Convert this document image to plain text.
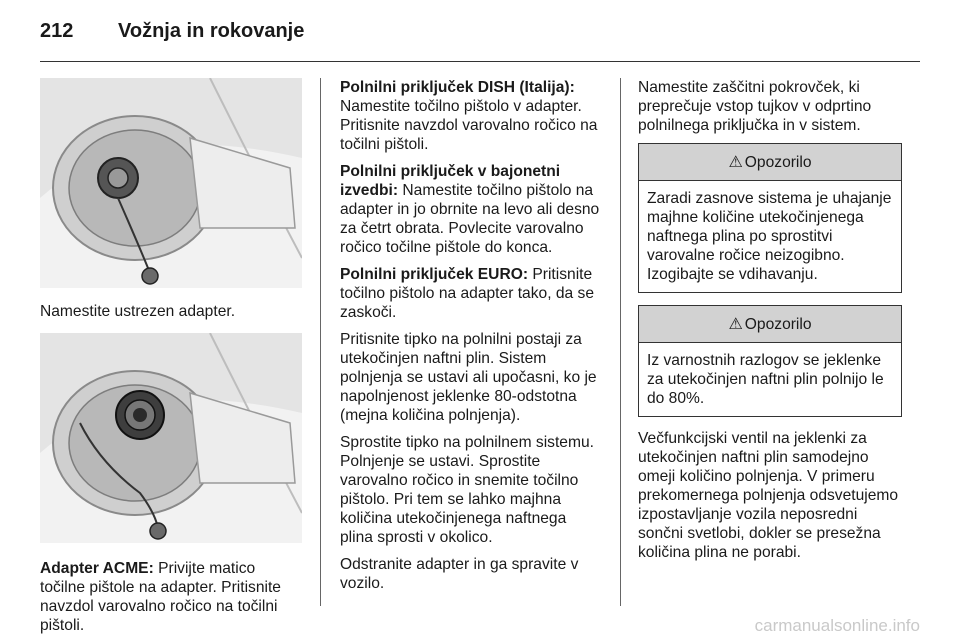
212	Vožnja in rokovanje

Namestite ustrezen adapter.

Adapter ACME: Privijte matico točilne pištole na adapter. Pritisnite navzdol varovalno ročico na točilni pištoli.

Polnilni priključek DISH (Italija): Namestite točilno pištolo v adapter. Pritisnite navzdol varovalno ročico na točilni pištoli.

Polnilni priključek v bajonetni izvedbi: Namestite točilno pištolo na adapter in jo obrnite na levo ali desno za četrt obrata. Povlecite varovalno ročico točilne pištole do konca.

Polnilni priključek EURO: Pritisnite točilno pištolo na adapter tako, da se zaskoči.

Pritisnite tipko na polnilni postaji za utekočinjen naftni plin. Sistem polnjenja se ustavi ali upočasni, ko je napolnjenost jeklenke 80-odstotna (mejna količina polnjenja).

Sprostite tipko na polnilnem sistemu. Polnjenje se ustavi. Sprostite varovalno ročico in snemite točilno pištolo. Pri tem se lahko majhna količina utekočinjenega naftnega plina sprosti v okolico.

Odstranite adapter in ga spravite v vozilo.

Namestite zaščitni pokrovček, ki preprečuje vstop tujkov v odprtino polnilnega priključka in v sistem.

⚠ Opozorilo
Zaradi zasnove sistema je uhajanje majhne količine utekočinjenega naftnega plina po sprostitvi varovalne ročice neizogibno. Izogibajte se vdihavanju.
⚠ Opozorilo
Iz varnostnih razlogov se jeklenke za utekočinjen naftni plin polnijo le do 80%.

Večfunkcijski ventil na jeklenki za utekočinjen naftni plin samodejno omeji količino polnjenja. V primeru prekomernega polnjenja odsvetujemo izpostavljanje vozila neposredni sončni svetlobi, dokler se presežna količina plina ne porabi.

carmanualsonline.info
